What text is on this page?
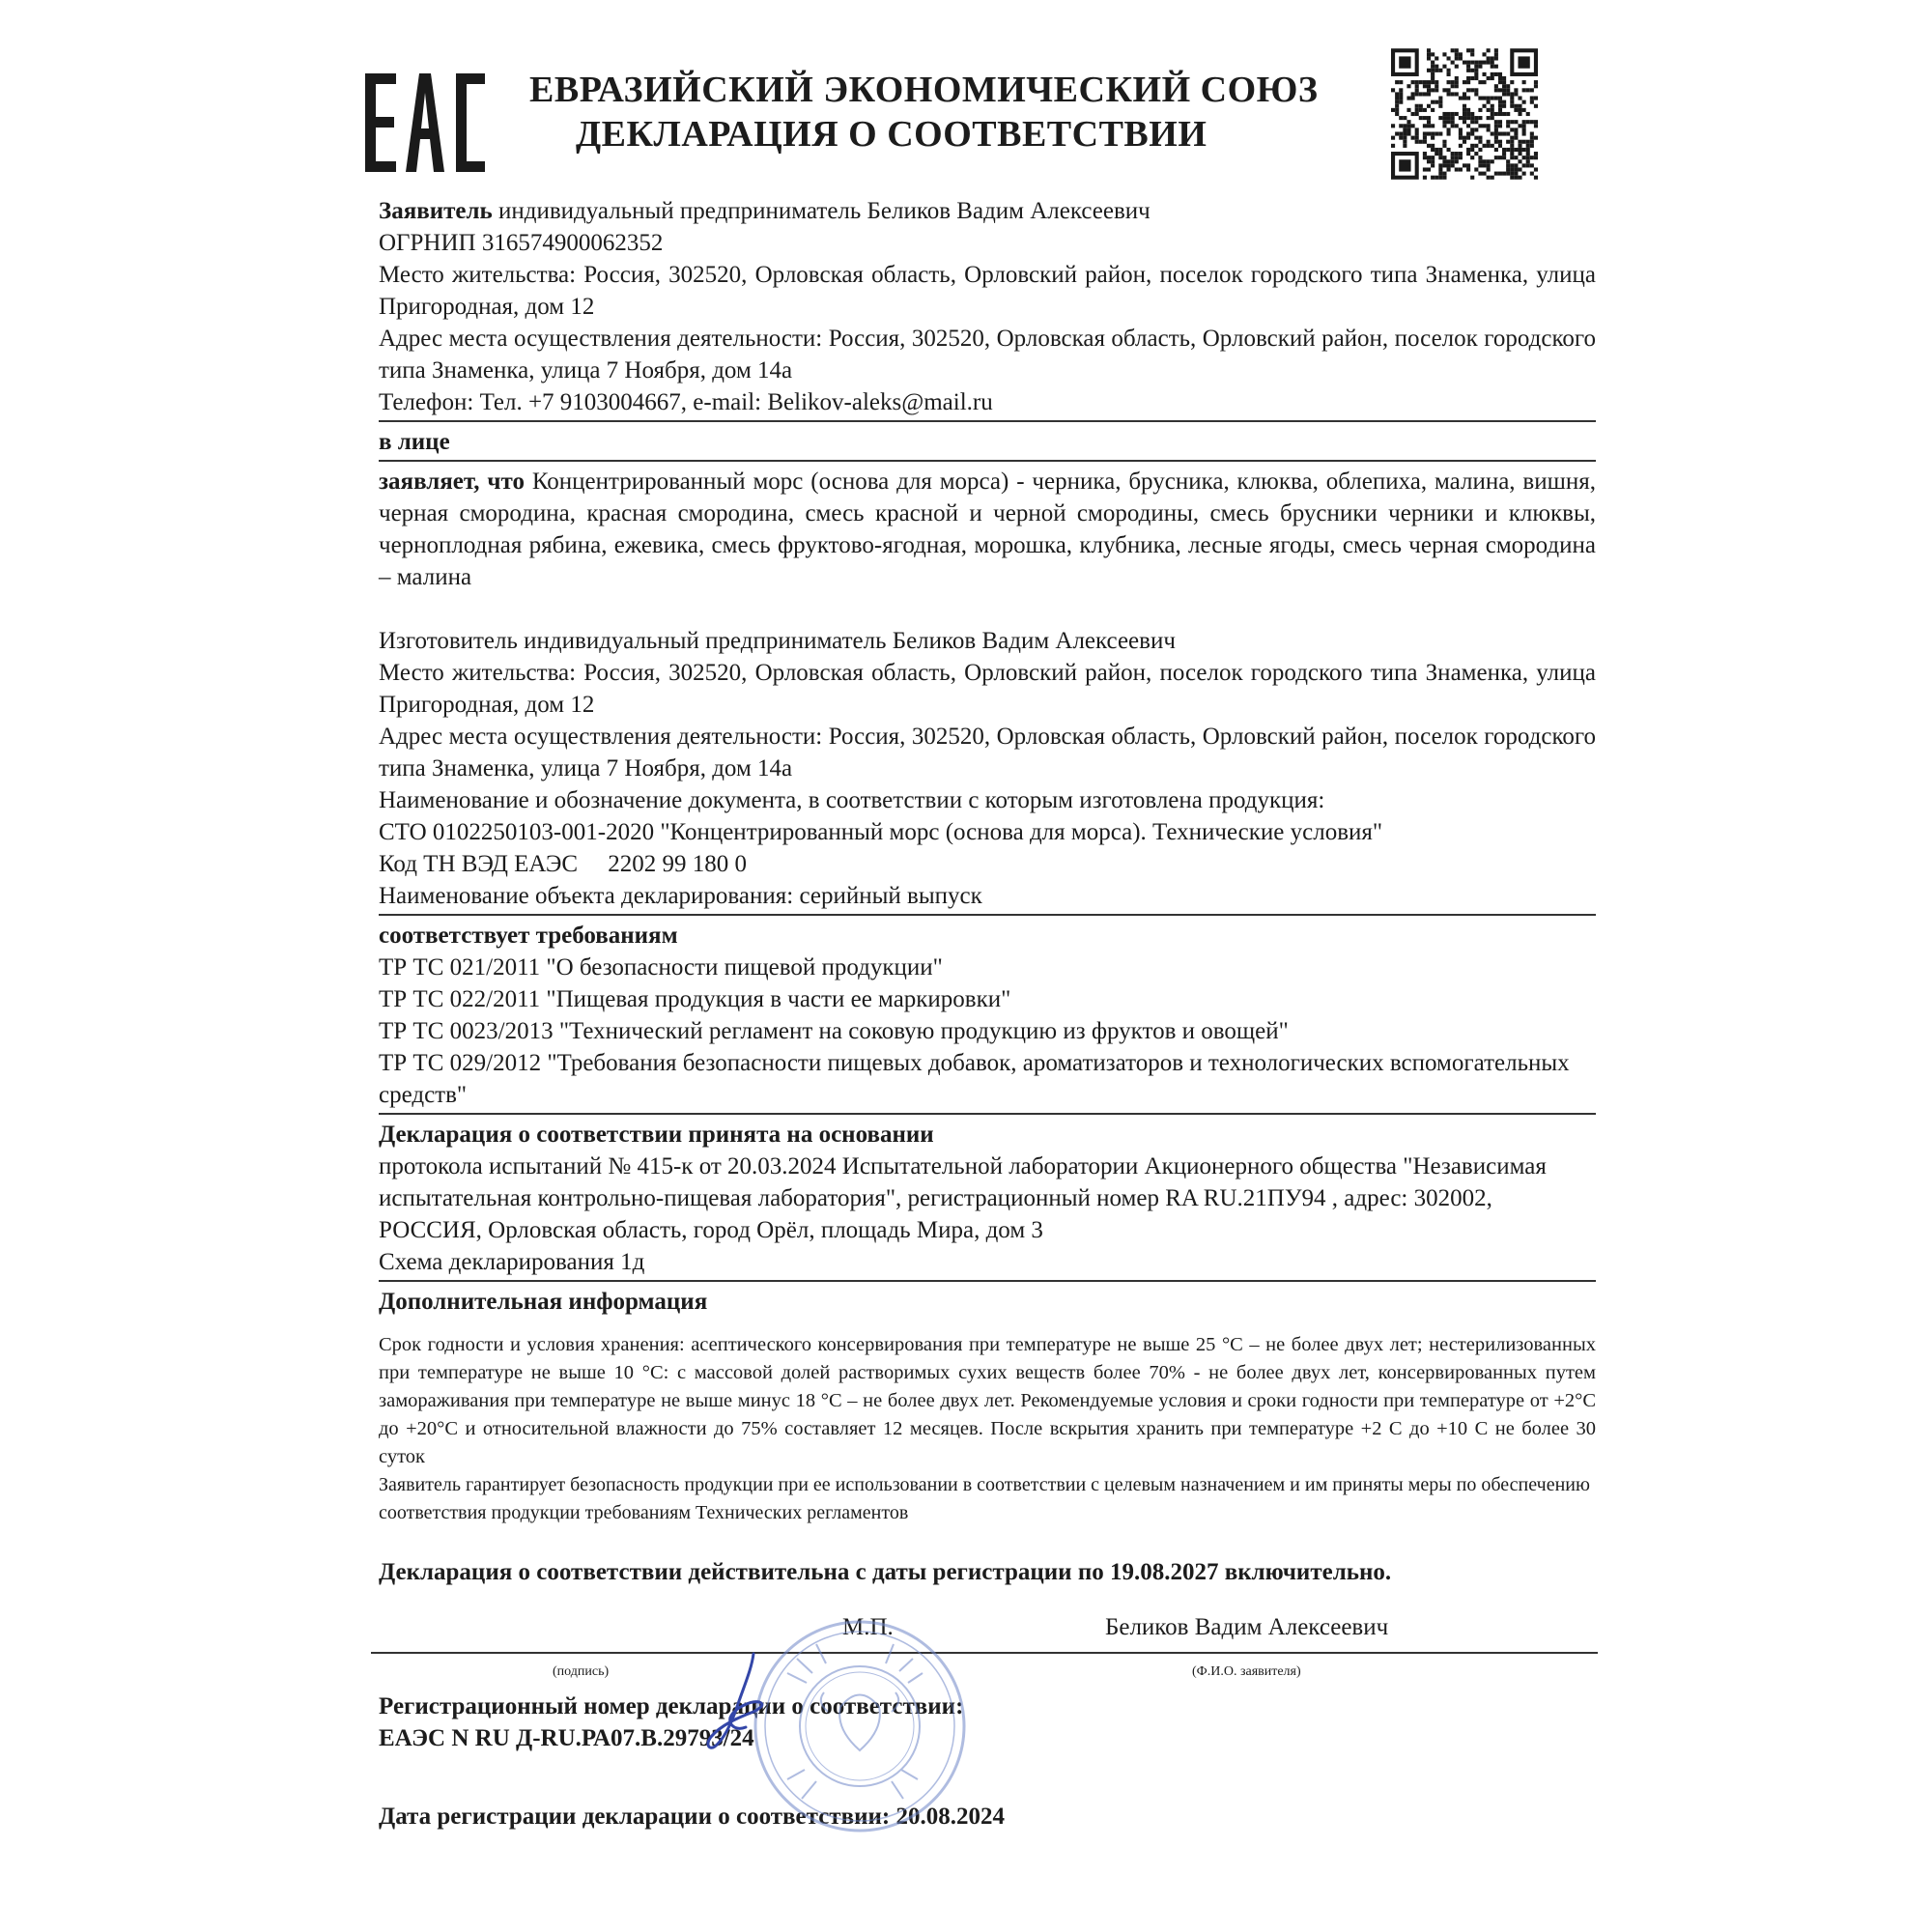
ЕВРАЗИЙСКИЙ ЭКОНОМИЧЕСКИЙ СОЮЗ
ДЕКЛАРАЦИЯ О СООТВЕТСТВИИ
Заявитель индивидуальный предприниматель Беликов Вадим Алексеевич
ОГРНИП 316574900062352
Место жительства: Россия, 302520, Орловская область, Орловский район, поселок городского типа Знаменка, улица Пригородная, дом 12
Адрес места осуществления деятельности: Россия, 302520, Орловская область, Орловский район, поселок городского типа Знаменка, улица 7 Ноября, дом 14а
Телефон: Тел. +7 9103004667, e-mail: Belikov-aleks@mail.ru
в лице
заявляет, что Концентрированный морс (основа для морса) - черника, брусника, клюква, облепиха, малина, вишня, черная смородина, красная смородина, смесь красной и черной смородины, смесь брусники черники и клюквы, черноплодная рябина, ежевика, смесь фруктово-ягодная, морошка, клубника, лесные ягоды, смесь черная смородина – малина
Изготовитель индивидуальный предприниматель Беликов Вадим Алексеевич
Место жительства: Россия, 302520, Орловская область, Орловский район, поселок городского типа Знаменка, улица Пригородная, дом 12
Адрес места осуществления деятельности: Россия, 302520, Орловская область, Орловский район, поселок городского типа Знаменка, улица 7 Ноября, дом 14а
Наименование и обозначение документа, в соответствии с которым изготовлена продукция:
СТО 0102250103-001-2020 "Концентрированный морс (основа для морса). Технические условия"
Код ТН ВЭД ЕАЭС     2202 99 180 0
Наименование объекта декларирования: серийный выпуск
соответствует требованиям
ТР ТС 021/2011 "О безопасности пищевой продукции"
ТР ТС 022/2011 "Пищевая продукция в части ее маркировки"
ТР ТС 0023/2013 "Технический регламент на соковую продукцию из фруктов и овощей"
ТР ТС 029/2012 "Требования безопасности пищевых добавок, ароматизаторов и технологических вспомогательных средств"
Декларация о соответствии принята на основании
протокола испытаний № 415-к от 20.03.2024 Испытательной лаборатории Акционерного общества "Независимая испытательная контрольно-пищевая лаборатория", регистрационный номер RA RU.21ПУ94 , адрес: 302002, РОССИЯ, Орловская область, город Орёл, площадь Мира, дом 3
Схема декларирования 1д
Дополнительная информация
Срок годности и условия хранения: асептического консервирования при температуре не выше 25 °С – не более двух лет; нестерилизованных при температуре не выше 10 °С: с массовой долей растворимых сухих веществ более 70% - не более двух лет, консервированных путем замораживания при температуре не выше минус 18 °С – не более двух лет. Рекомендуемые условия и сроки годности при температуре от +2°С до +20°С и относительной влажности до 75% составляет 12 месяцев. После вскрытия хранить при температуре +2 С до +10 С не более 30 суток
Заявитель гарантирует безопасность продукции при ее использовании в соответствии с целевым назначением и им приняты меры по обеспечению соответствия продукции требованиям Технических регламентов
Декларация о соответствии действительна с даты регистрации по 19.08.2027 включительно.
М.П.	Беликов Вадим Алексеевич
(подпись)	(Ф.И.О. заявителя)
Регистрационный номер декларации о соответствии:
ЕАЭС N RU Д-RU.РА07.В.29793/24
Дата регистрации декларации о соответствии: 20.08.2024
